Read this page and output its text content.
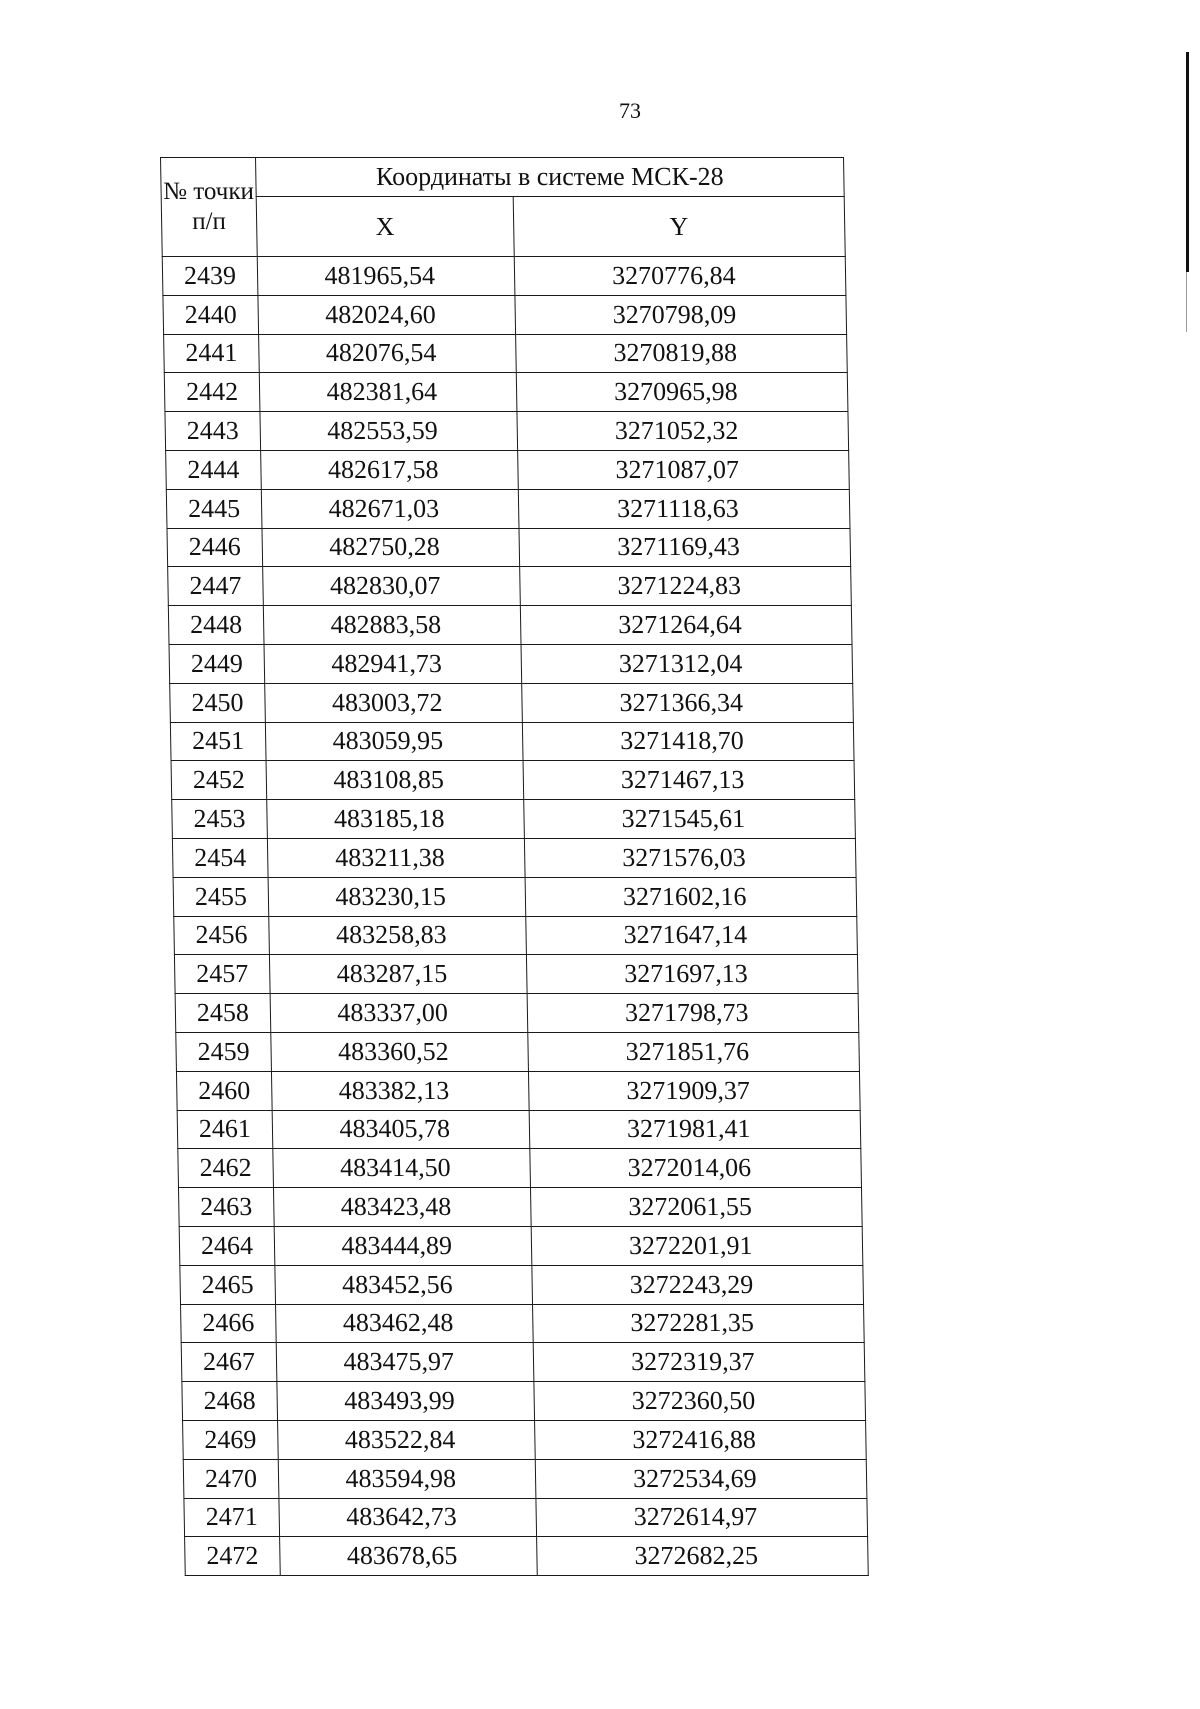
73
№ точки п/п	Координаты в системе МСК-28	
	X	Y
2439	481965,54	3270776,84
2440	482024,60	3270798,09
2441	482076,54	3270819,88
2442	482381,64	3270965,98
2443	482553,59	3271052,32
2444	482617,58	3271087,07
2445	482671,03	3271118,63
2446	482750,28	3271169,43
2447	482830,07	3271224,83
2448	482883,58	3271264,64
2449	482941,73	3271312,04
2450	483003,72	3271366,34
2451	483059,95	3271418,70
2452	483108,85	3271467,13
2453	483185,18	3271545,61
2454	483211,38	3271576,03
2455	483230,15	3271602,16
2456	483258,83	3271647,14
2457	483287,15	3271697,13
2458	483337,00	3271798,73
2459	483360,52	3271851,76
2460	483382,13	3271909,37
2461	483405,78	3271981,41
2462	483414,50	3272014,06
2463	483423,48	3272061,55
2464	483444,89	3272201,91
2465	483452,56	3272243,29
2466	483462,48	3272281,35
2467	483475,97	3272319,37
2468	483493,99	3272360,50
2469	483522,84	3272416,88
2470	483594,98	3272534,69
2471	483642,73	3272614,97
2472	483678,65	3272682,25
